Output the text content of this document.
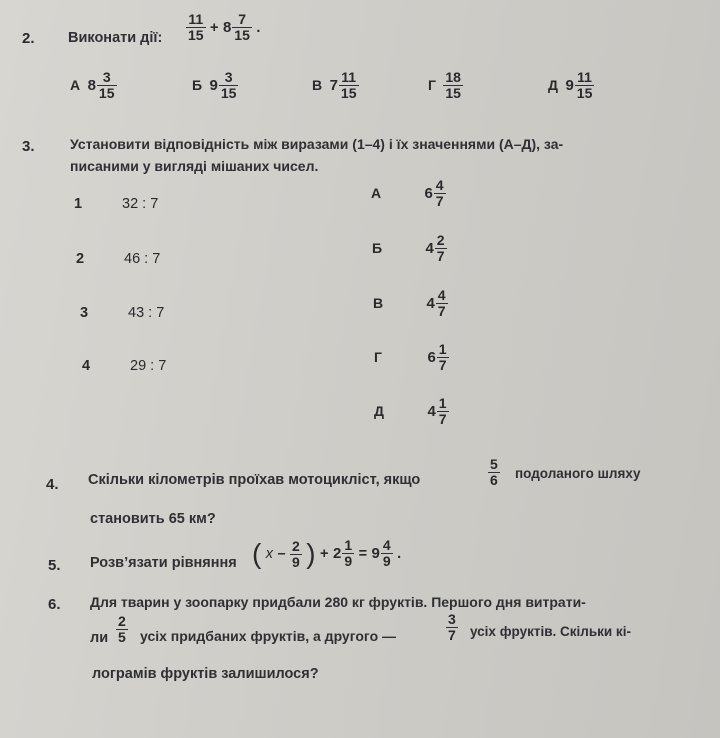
2. Виконати дії: $\frac{11}{15} + 8 \frac{7}{15}$ .
А $8 \frac{3}{15}$	Б $9 \frac{3}{15}$	В $7 \frac{11}{15}$	Г $\frac{18}{15}$	Д $9 \frac{11}{15}$
3.	Установити відповідність між виразами (1–4) і їх значеннями (А–Д), за-
писаними у вигляді мішаних чисел.
1	32 : 7
2	46 : 7
3	43 : 7
4	29 : 7
А	$6 \frac{4}{7}$
Б	$4 \frac{2}{7}$
В	$4 \frac{4}{7}$
Г	$6 \frac{1}{7}$
Д	$4 \frac{1}{7}$
4. Скільки кілометрів проїхав мотоцикліст, якщо	$\frac{5}{6}$ подоланого шляху
становить 65 км?
5. Розв’язати рівняння ( x – $\frac{2}{9}$ ) + $2 \frac{1}{9} = 9 \frac{4}{9}$ .
6. Для тварин у зоопарку придбали 280 кг фруктів. Першого дня витрати-
ли $\frac{2}{5}$ усіх придбаних фруктів, а другого —	$\frac{3}{7}$ усіх фруктів. Скільки кі-
лограмів фруктів залишилося?
